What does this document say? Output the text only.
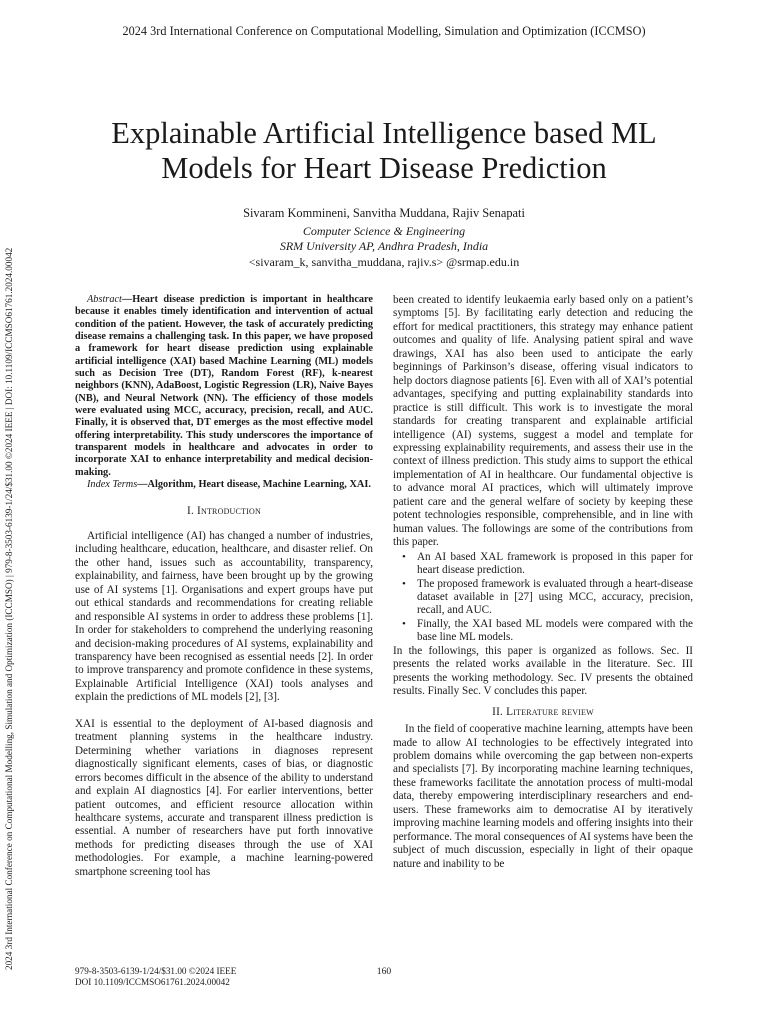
2024 3rd International Conference on Computational Modelling, Simulation and Optimization (ICCMSO)
2024 3rd International Conference on Computational Modelling, Simulation and Optimization (ICCMSO) | 979-8-3503-6139-1/24/$31.00 ©2024 IEEE | DOI: 10.1109/ICCMSO61761.2024.00042
Explainable Artificial Intelligence based ML
Models for Heart Disease Prediction
Sivaram Kommineni, Sanvitha Muddana, Rajiv Senapati
Computer Science & Engineering
SRM University AP, Andhra Pradesh, India
<sivaram_k, sanvitha_muddana, rajiv.s> @srmap.edu.in

Abstract—Heart disease prediction is important in healthcare because it enables timely identification and intervention of actual condition of the patient. However, the task of accurately predicting disease remains a challenging task. In this paper, we have proposed a framework for heart disease prediction using explainable artificial intelligence (XAI) based Machine Learning (ML) models such as Decision Tree (DT), Random Forest (RF), k-nearest neighbors (KNN), AdaBoost, Logistic Regression (LR), Naive Bayes (NB), and Neural Network (NN). The efficiency of those models were evaluated using MCC, accuracy, precision, recall, and AUC. Finally, it is observed that, DT emerges as the most effective model offering interpretability. This study underscores the importance of transparent models in healthcare and advocates in order to incorporate XAI to enhance interpretability and medical decision-making.

Index Terms—Algorithm, Heart disease, Machine Learning, XAI.

I. Introduction

Artificial intelligence (AI) has changed a number of industries, including healthcare, education, healthcare, and disaster relief. On the other hand, issues such as accountability, transparency, explainability, and fairness, have been brought up by the growing use of AI systems [1]. Organisations and expert groups have put out ethical standards and recommendations for creating reliable and responsible AI systems in order to address these problems [1]. In order for stakeholders to comprehend the underlying reasoning and decision-making procedures of AI systems, explainability and transparency have been recognised as essential needs [2]. In order to improve transparency and promote confidence in these systems, Explainable Artificial Intelligence (XAI) tools analyses and explain the predictions of ML models [2], [3].

XAI is essential to the deployment of AI-based diagnosis and treatment planning systems in the healthcare industry. Determining whether variations in diagnoses represent diagnostically significant elements, cases of bias, or diagnostic errors becomes difficult in the absence of the ability to understand and explain AI diagnostics [4]. For earlier interventions, better patient outcomes, and efficient resource allocation within healthcare systems, accurate and transparent illness prediction is essential. A number of researchers have put forth innovative methods for predicting diseases through the use of XAI methodologies. For example, a machine learning-powered smartphone screening tool has

been created to identify leukaemia early based only on a patient’s symptoms [5]. By facilitating early detection and reducing the effort for medical practitioners, this strategy may enhance patient outcomes and quality of life. Analysing patient spiral and wave drawings, XAI has also been used to anticipate the early beginnings of Parkinson’s disease, offering visual indicators to help doctors diagnose patients [6]. Even with all of XAI’s potential advantages, specifying and putting explainability standards into practice is still difficult. This work is to investigate the moral standards for creating transparent and explainable artificial intelligence (AI) systems, suggest a model and template for expressing explainability requirements, and assess their use in the context of illness prediction. This study aims to support the ethical implementation of AI in healthcare. Our fundamental objective is to advance moral AI practices, which will ultimately improve patient care and the general welfare of society by keeping these potent technologies responsible, comprehensible, and in line with human values. The followings are some of the contributions from this paper.

• An AI based XAL framework is proposed in this paper for heart disease prediction.
• The proposed framework is evaluated through a heart-disease dataset available in [27] using MCC, accuracy, precision, recall, and AUC.
• Finally, the XAI based ML models were compared with the base line ML models.

In the followings, this paper is organized as follows. Sec. II presents the related works available in the literature. Sec. III presents the working methodology. Sec. IV presents the obtained results. Finally Sec. V concludes this paper.

II. Literature review

In the field of cooperative machine learning, attempts have been made to allow AI technologies to be effectively integrated into problem domains while overcoming the gap between non-experts and specialists [7]. By incorporating machine learning techniques, these frameworks facilitate the annotation process of multi-modal data, thereby empowering interdisciplinary researchers and end-users. These frameworks aim to democratise AI by iteratively improving machine learning models and offering insights into their performance. The moral consequences of AI systems have been the subject of much discussion, especially in light of their opaque nature and inability to be

979-8-3503-6139-1/24/$31.00 ©2024 IEEE
DOI 10.1109/ICCMSO61761.2024.00042
160
